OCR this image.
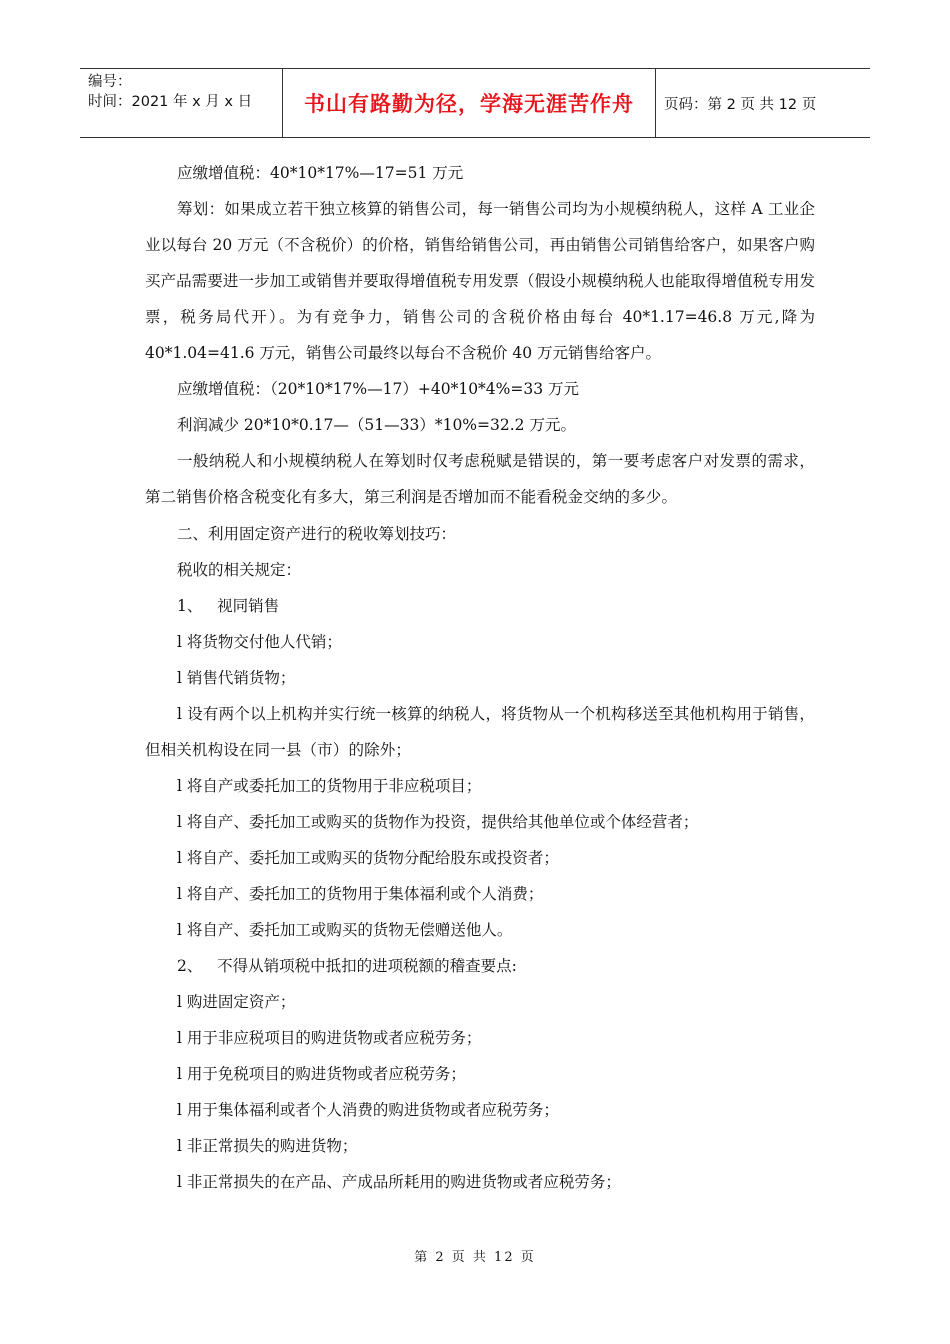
编号：
时间：2021 年 x 月 x 日	书山有路勤为径，学海无涯苦作舟	页码：第 2 页 共 12 页

应缴增值税：40*10*17%—17=51 万元

筹划：如果成立若干独立核算的销售公司，每一销售公司均为小规模纳税人，这样 A 工业企业以每台 20 万元（不含税价）的价格，销售给销售公司，再由销售公司销售给客户，如果客户购买产品需要进一步加工或销售并要取得增值税专用发票（假设小规模纳税人也能取得增值税专用发票，税务局代开）。为有竞争力，销售公司的含税价格由每台 40*1.17=46.8 万元,降为 40*1.04=41.6 万元，销售公司最终以每台不含税价 40 万元销售给客户。

应缴增值税：（20*10*17%—17）+40*10*4%=33 万元

利润减少 20*10*0.17—（51—33）*10%=32.2 万元。

一般纳税人和小规模纳税人在筹划时仅考虑税赋是错误的，第一要考虑客户对发票的需求，第二销售价格含税变化有多大，第三利润是否增加而不能看税金交纳的多少。

二、利用固定资产进行的税收筹划技巧：

税收的相关规定：

1、   视同销售

l 将货物交付他人代销；

l 销售代销货物；

l 设有两个以上机构并实行统一核算的纳税人，将货物从一个机构移送至其他机构用于销售，但相关机构设在同一县（市）的除外；

l 将自产或委托加工的货物用于非应税项目；

l 将自产、委托加工或购买的货物作为投资，提供给其他单位或个体经营者；

l 将自产、委托加工或购买的货物分配给股东或投资者；

l 将自产、委托加工的货物用于集体福利或个人消费；

l 将自产、委托加工或购买的货物无偿赠送他人。

2、   不得从销项税中抵扣的进项税额的稽查要点:

l 购进固定资产；

l 用于非应税项目的购进货物或者应税劳务；

l 用于免税项目的购进货物或者应税劳务；

l 用于集体福利或者个人消费的购进货物或者应税劳务；

l 非正常损失的购进货物；

l 非正常损失的在产品、产成品所耗用的购进货物或者应税劳务；

第 2 页 共 12 页
